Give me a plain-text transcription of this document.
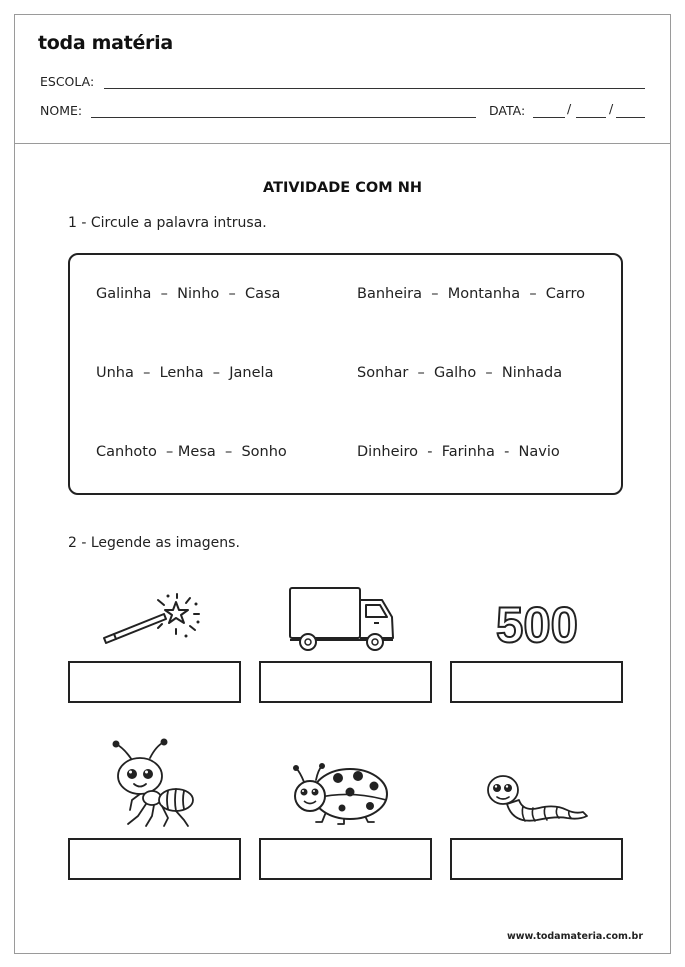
toda matéria
ESCOLA:
NOME:	DATA:	/	/
ATIVIDADE COM NH
1 - Circule a palavra intrusa.
Galinha  –  Ninho  –  Casa	Banheira  –  Montanha  –  Carro
Unha  –  Lenha  –  Janela	Sonhar  –  Galho  –  Ninhada
Canhoto  – Mesa  –  Sonho	Dinheiro  -  Farinha  -  Navio
2 - Legende as imagens.
500
www.todamateria.com.br
